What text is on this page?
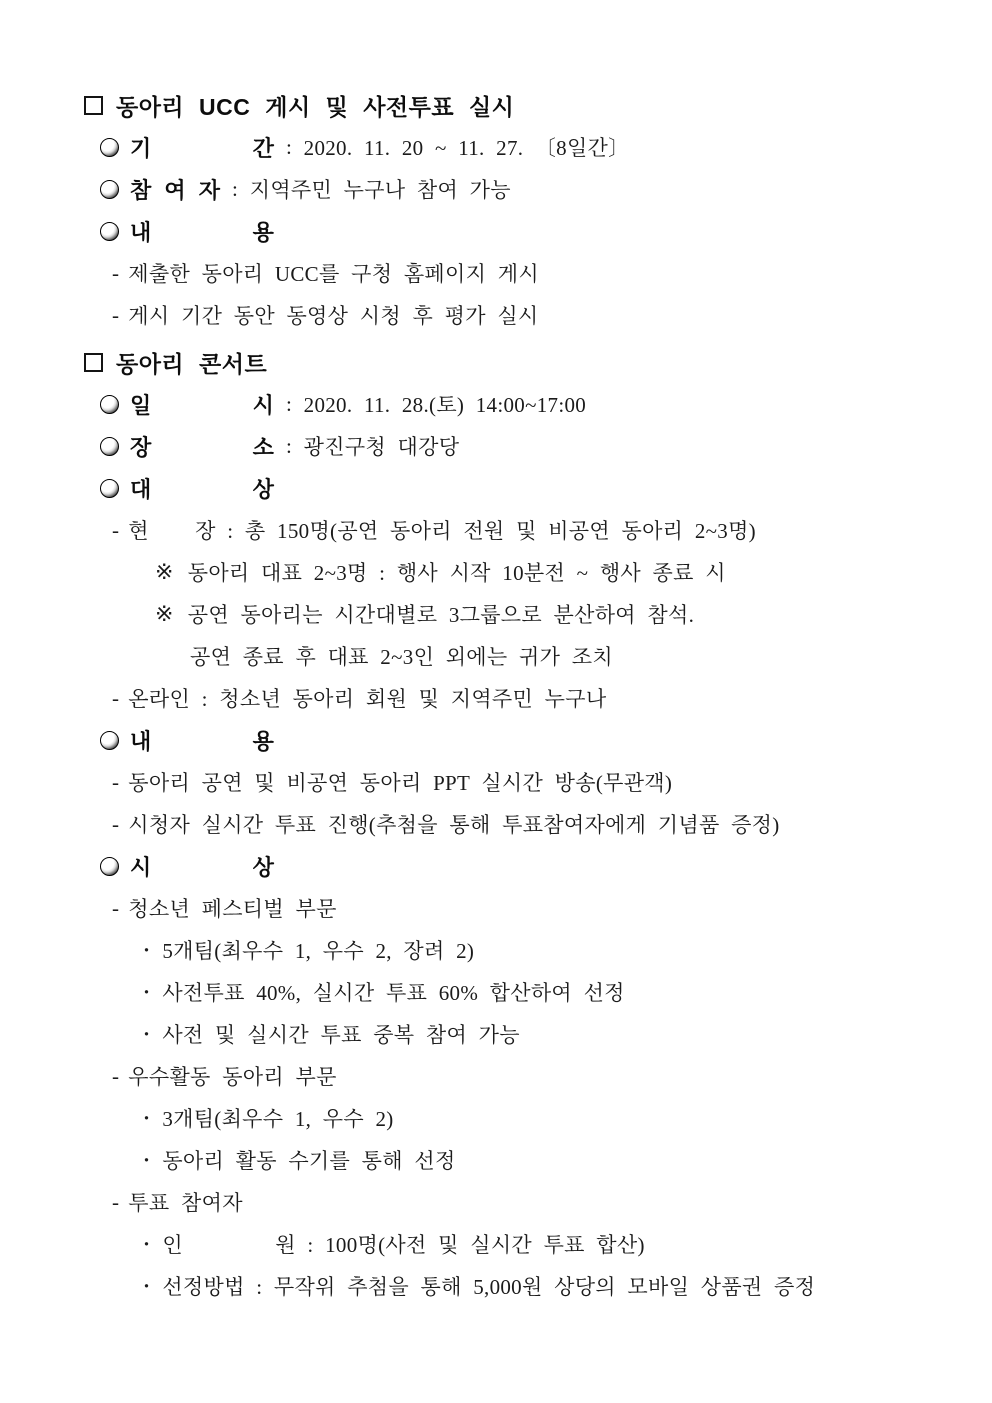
동아리 UCC 게시 및 사전투표 실시
기        간 : 2020. 11. 20 ~ 11. 27. 〔8일간〕
참 여 자 : 지역주민 누구나 참여 가능
내        용
- 제출한 동아리 UCC를 구청 홈페이지 게시
- 게시 기간 동안 동영상 시청 후 평가 실시
동아리 콘서트
일        시 : 2020. 11. 28.(토) 14:00~17:00
장        소 : 광진구청 대강당
대        상
- 현    장 : 총 150명(공연 동아리 전원 및 비공연 동아리 2~3명)
※ 동아리 대표 2~3명 : 행사 시작 10분전 ~ 행사 종료 시
※ 공연 동아리는 시간대별로 3그룹으로 분산하여 참석.
공연 종료 후 대표 2~3인 외에는 귀가 조치
- 온라인 : 청소년 동아리 회원 및 지역주민 누구나
내        용
- 동아리 공연 및 비공연 동아리 PPT 실시간 방송(무관객)
- 시청자 실시간 투표 진행(추첨을 통해 투표참여자에게 기념품 증정)
시        상
- 청소년 페스티벌 부문
· 5개팀(최우수 1, 우수 2, 장려 2)
· 사전투표 40%, 실시간 투표 60% 합산하여 선정
· 사전 및 실시간 투표 중복 참여 가능
- 우수활동 동아리 부문
· 3개팀(최우수 1, 우수 2)
· 동아리 활동 수기를 통해 선정
- 투표 참여자
· 인        원 : 100명(사전 및 실시간 투표 합산)
· 선정방법 : 무작위 추첨을 통해 5,000원 상당의 모바일 상품권 증정
